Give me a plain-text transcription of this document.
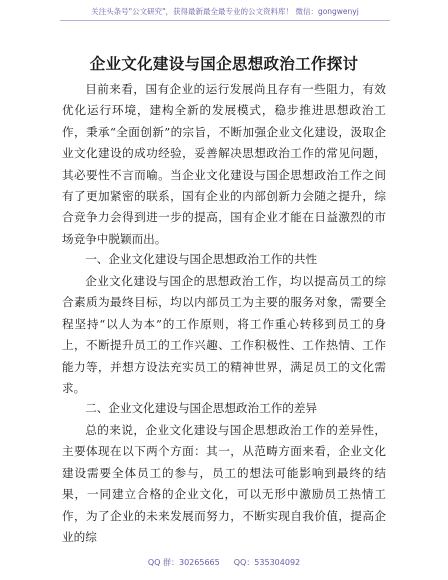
关注头条号"公文研究"，获得最新最全最专业的公文资料库！ 微信：gongwenyj
企业文化建设与国企思想政治工作探讨

目前来看，国有企业的运行发展尚且存有一些阻力，有效优化运行环境，建构全新的发展模式，稳步推进思想政治工作，秉承“全面创新”的宗旨，不断加强企业文化建设，汲取企业文化建设的成功经验，妥善解决思想政治工作的常见问题，其必要性不言而喻。当企业文化建设与国企思想政治工作之间有了更加紧密的联系，国有企业的内部创新力会随之提升，综合竞争力会得到进一步的提高，国有企业才能在日益激烈的市场竞争中脱颖而出。

一、企业文化建设与国企思想政治工作的共性

企业文化建设与国企的思想政治工作，均以提高员工的综合素质为最终目标，均以内部员工为主要的服务对象，需要全程坚持“以人为本”的工作原则，将工作重心转移到员工的身上，不断提升员工的工作兴趣、工作积极性、工作热情、工作能力等，并想方设法充实员工的精神世界，满足员工的文化需求。

二、企业文化建设与国企思想政治工作的差异

总的来说，企业文化建设与国企思想政治工作的差异性，主要体现在以下两个方面：其一，从范畴方面来看，企业文化建设需要全体员工的参与，员工的想法可能影响到最终的结果，一同建立合格的企业文化，可以无形中激励员工热情工作，为了企业的未来发展而努力，不断实现自我价值，提高企业的综

QQ 群：30265665 QQ：535304092
